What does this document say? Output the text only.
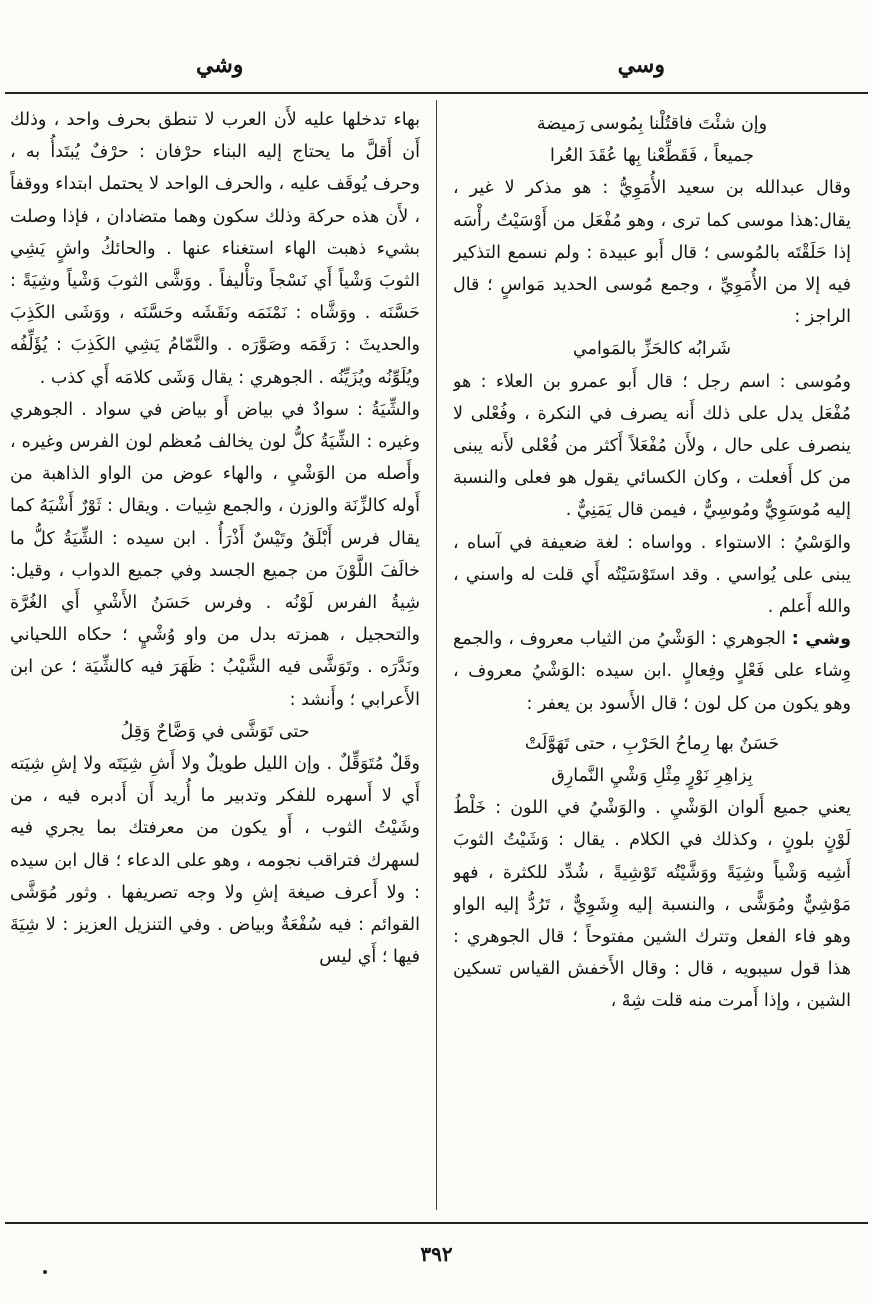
وسي
وشي

وإن شئْتَ فاقتُلْنا بِمُوسى رَميضة

جميعاً ، فَقَطِّعْنا بِها عُقَدَ العُرا

وقال عبدالله بن سعيد الأُمَوِيُّ : هو مذكر لا غير ، يقال:هذا موسى كما ترى ، وهو مُفْعَل من أَوْسَيْتُ رأْسَه إذا حَلَقْتَه بالمُوسى ؛ قال أَبو عبيدة : ولم نسمع التذكير فيه إلا من الأُمَوِيِّ ، وجمع مُوسى الحديد مَواسٍ ؛ قال الراجز :

شَرابُه كالحَزِّ بالمَوامي

ومُوسى : اسم رجل ؛ قال أَبو عمرو بن العلاء : هو مُفْعَل يدل على ذلك أَنه يصرف في النكرة ، وفُعْلى لا ينصرف على حال ، ولأَن مُفْعَلاً أَكثر من فُعْلى لأَنه يبنى من كل أَفعلت ، وكان الكسائي يقول هو فعلى والنسبة إليه مُوسَوِيٌّ ومُوسِيٌّ ، فيمن قال يَمَنِيٌّ .

والوَسْيُ : الاستواء . وواساه : لغة ضعيفة في آساه ، يبنى على يُواسي . وقد استَوْسَيْتُه أَي قلت له واسني ، والله أَعلم .

وشي : الجوهري : الوَشْيُ من الثياب معروف ، والجمع وِشاء على فَعْلٍ وفِعالٍ .ابن سيده :الوَشْيُ معروف ، وهو يكون من كل لون ؛ قال الأَسود بن يعفر :

حَسَنٌ بها رِماحُ الحَرْبِ ، حتى تَهَوَّلَتْ

بِزاهِرِ نَوْرٍ مِثْلِ وَشْيِ النَّمارِق

يعني جميع أَلوان الوَشْيِ . والوَشْيُ في اللون : خَلْطُ لَوْنٍ بلونٍ ، وكذلك في الكلام . يقال : وَشَيْتُ الثوبَ أَشِيه وَشْياً وشِيَةً ووَشَّيْتُه تَوْشِيةً ، شُدِّد للكثرة ، فهو مَوْشِيٌّ ومُوَشًّى ، والنسبة إليه وِشَوِيٌّ ، تَرُدُّ إليه الواو وهو فاء الفعل وتترك الشين مفتوحاً ؛ قال الجوهري : هذا قول سيبويه ، قال : وقال الأَخفش القياس تسكين الشين ، وإذا أَمرت منه قلت شِهْ ،

بهاء تدخلها عليه لأَن العرب لا تنطق بحرف واحد ، وذلك أَن أَقلَّ ما يحتاج إليه البناء حرْفان : حرْفٌ يُبتَدأُ به ، وحرف يُوقَف عليه ، والحرف الواحد لا يحتمل ابتداء ووقفاً ، لأَن هذه حركة وذلك سكون وهما متضادان ، فإذا وصلت بشيء ذهبت الهاء استغناء عنها . والحائكُ واشٍ يَشِي الثوبَ وَشْياً أَي نَسْجاً وتأْليفاً . ووَشَّى الثوبَ وَشْياً وشِيَةً : حَسَّنَه . ووَشَّاه : نَمْنَمَه ونَقَشَه وحَسَّنَه ، ووَشَى الكَذِبَ والحديثَ : رَقَمَه وصَوَّرَه . والنَّمّامُ يَشِي الكَذِبَ : يُؤَلِّفُه ويُلَوِّنُه ويُزَيِّنُه . الجوهري : يقال وَشَى كلامَه أَي كذب .

والشِّيَةُ : سوادٌ في بياض أَو بياض في سواد . الجوهري وغيره : الشِّيَةُ كلُّ لون يخالف مُعظم لون الفرس وغيره ، وأَصله من الوَشْيِ ، والهاء عوض من الواو الذاهبة من أَوله كالزِّنَة والوزن ، والجمع شِيات . ويقال : ثَوْرٌ أَشْيَهُ كما يقال فرس أَبْلَقُ وتَيْسٌ أَذْرَأُ . ابن سيده : الشِّيَةُ كلُّ ما خالَفَ اللَّوْنَ من جميع الجسد وفي جميع الدواب ، وقيل: شِيةُ الفرس لَوْنُه . وفرس حَسَنُ الأَشْيِ أَي الغُرَّة والتحجيل ، همزته بدل من واو وُشْيٍ ؛ حكاه اللحياني ونَدَّرَه . وتَوَشَّى فيه الشَّيْبُ : ظَهَرَ فيه كالشِّيَة ؛ عن ابن الأَعرابي ؛ وأَنشد :

حتى تَوَشَّى في وَضَّاحٌ وَقِلُ

وقَلٌ مُتَوَقِّلٌ . وإن الليل طويلٌ ولا أَشِ شِيَتَه ولا إشِ شِيَته أَي لا أَسهره للفكر وتدبير ما أُريد أَن أَدبره فيه ، من وشَيْتُ الثوب ، أَو يكون من معرفتك بما يجري فيه لسهرك فتراقب نجومه ، وهو على الدعاء ؛ قال ابن سيده : ولا أَعرف صيغة إشِ ولا وجه تصريفها . وثور مُوَشَّى القوائم : فيه سُفْعَةٌ وبياض . وفي التنزيل العزيز : لا شِيَةَ فيها ؛ أَي ليس

٣٩٢
